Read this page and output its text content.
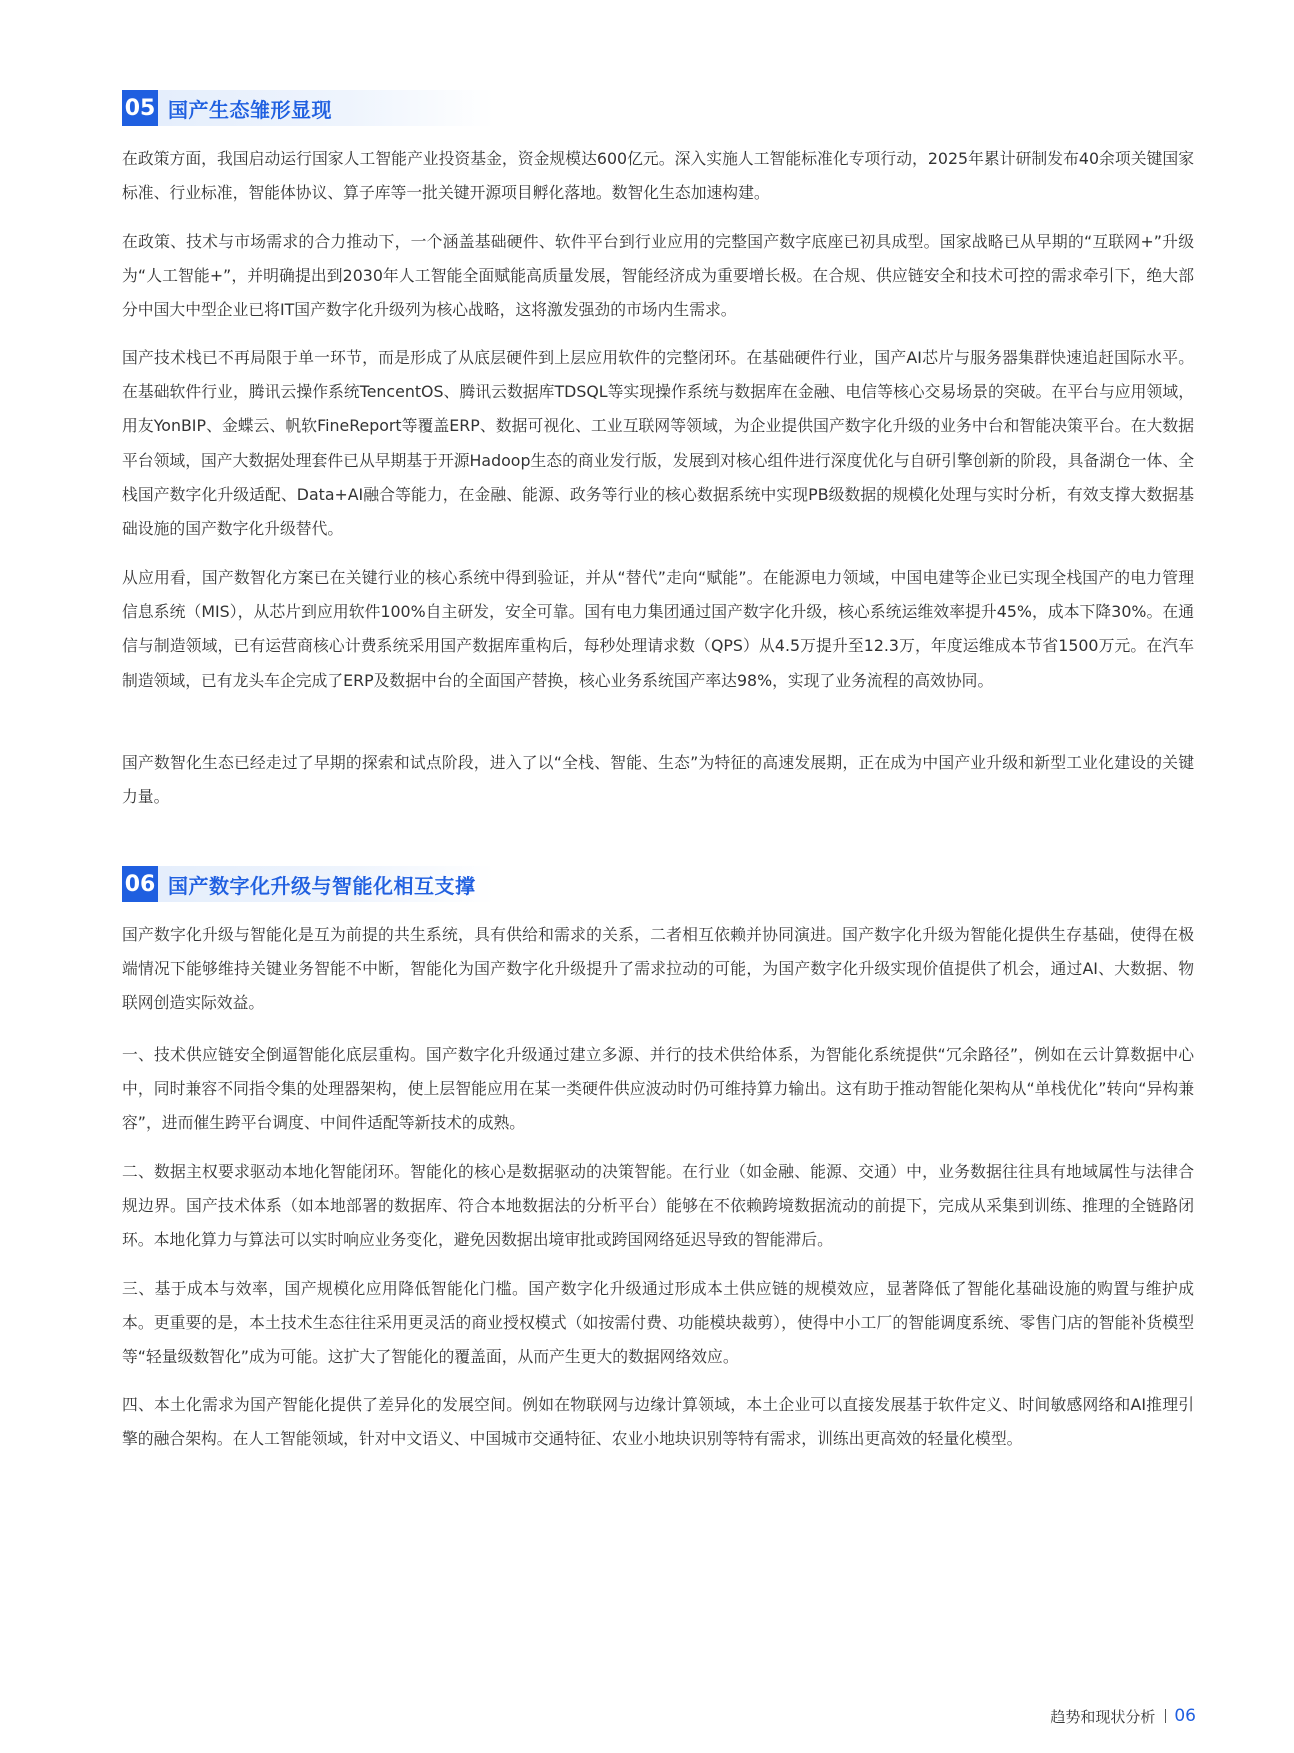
05 国产生态雏形显现

在政策方面，我国启动运行国家人工智能产业投资基金，资金规模达600亿元。深入实施人工智能标准化专项行动，2025年累计研制发布40余项关键国家标准、行业标准，智能体协议、算子库等一批关键开源项目孵化落地。数智化生态加速构建。

在政策、技术与市场需求的合力推动下，一个涵盖基础硬件、软件平台到行业应用的完整国产数字底座已初具成型。国家战略已从早期的“互联网+”升级为“人工智能+”，并明确提出到2030年人工智能全面赋能高质量发展，智能经济成为重要增长极。在合规、供应链安全和技术可控的需求牵引下，绝大部分中国大中型企业已将IT国产数字化升级列为核心战略，这将激发强劲的市场内生需求。

国产技术栈已不再局限于单一环节，而是形成了从底层硬件到上层应用软件的完整闭环。在基础硬件行业，国产AI芯片与服务器集群快速追赶国际水平。在基础软件行业，腾讯云操作系统TencentOS、腾讯云数据库TDSQL等实现操作系统与数据库在金融、电信等核心交易场景的突破。在平台与应用领域，用友YonBIP、金蝶云、帆软FineReport等覆盖ERP、数据可视化、工业互联网等领域，为企业提供国产数字化升级的业务中台和智能决策平台。在大数据平台领域，国产大数据处理套件已从早期基于开源Hadoop生态的商业发行版，发展到对核心组件进行深度优化与自研引擎创新的阶段，具备湖仓一体、全栈国产数字化升级适配、Data+AI融合等能力，在金融、能源、政务等行业的核心数据系统中实现PB级数据的规模化处理与实时分析，有效支撑大数据基础设施的国产数字化升级替代。

从应用看，国产数智化方案已在关键行业的核心系统中得到验证，并从“替代”走向“赋能”。在能源电力领域，中国电建等企业已实现全栈国产的电力管理信息系统（MIS），从芯片到应用软件100%自主研发，安全可靠。国有电力集团通过国产数字化升级，核心系统运维效率提升45%，成本下降30%。在通信与制造领域，已有运营商核心计费系统采用国产数据库重构后，每秒处理请求数（QPS）从4.5万提升至12.3万，年度运维成本节省1500万元。在汽车制造领域，已有龙头车企完成了ERP及数据中台的全面国产替换，核心业务系统国产率达98%，实现了业务流程的高效协同。

国产数智化生态已经走过了早期的探索和试点阶段，进入了以“全栈、智能、生态”为特征的高速发展期，正在成为中国产业升级和新型工业化建设的关键力量。

06 国产数字化升级与智能化相互支撑

国产数字化升级与智能化是互为前提的共生系统，具有供给和需求的关系，二者相互依赖并协同演进。国产数字化升级为智能化提供生存基础，使得在极端情况下能够维持关键业务智能不中断，智能化为国产数字化升级提升了需求拉动的可能，为国产数字化升级实现价值提供了机会，通过AI、大数据、物联网创造实际效益。

一、技术供应链安全倒逼智能化底层重构。国产数字化升级通过建立多源、并行的技术供给体系，为智能化系统提供“冗余路径”，例如在云计算数据中心中，同时兼容不同指令集的处理器架构，使上层智能应用在某一类硬件供应波动时仍可维持算力输出。这有助于推动智能化架构从“单栈优化”转向“异构兼容”，进而催生跨平台调度、中间件适配等新技术的成熟。

二、数据主权要求驱动本地化智能闭环。智能化的核心是数据驱动的决策智能。在行业（如金融、能源、交通）中，业务数据往往具有地域属性与法律合规边界。国产技术体系（如本地部署的数据库、符合本地数据法的分析平台）能够在不依赖跨境数据流动的前提下，完成从采集到训练、推理的全链路闭环。本地化算力与算法可以实时响应业务变化，避免因数据出境审批或跨国网络延迟导致的智能滞后。

三、基于成本与效率，国产规模化应用降低智能化门槛。国产数字化升级通过形成本土供应链的规模效应，显著降低了智能化基础设施的购置与维护成本。更重要的是，本土技术生态往往采用更灵活的商业授权模式（如按需付费、功能模块裁剪），使得中小工厂的智能调度系统、零售门店的智能补货模型等“轻量级数智化”成为可能。这扩大了智能化的覆盖面，从而产生更大的数据网络效应。

四、本土化需求为国产智能化提供了差异化的发展空间。例如在物联网与边缘计算领域，本土企业可以直接发展基于软件定义、时间敏感网络和AI推理引擎的融合架构。在人工智能领域，针对中文语义、中国城市交通特征、农业小地块识别等特有需求，训练出更高效的轻量化模型。

趋势和现状分析 06
